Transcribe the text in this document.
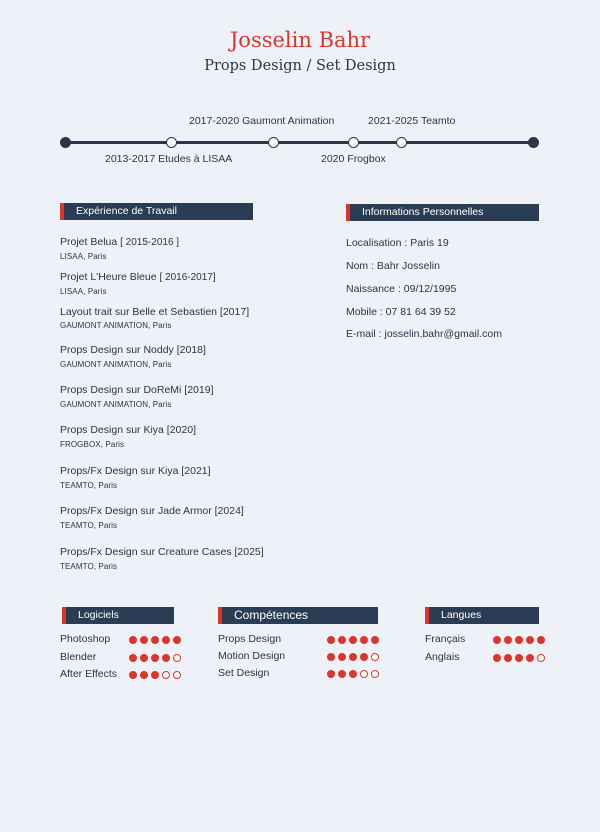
Josselin Bahr
Props Design / Set Design
2013-2017 Etudes à LISAA
2017-2020 Gaumont Animation
2020 Frogbox
2021-2025 Teamto
Expérience de Travail
Projet Belua [ 2015-2016 ]
LISAA, Paris
Projet L'Heure Bleue [ 2016-2017]
LISAA, Paris
Layout trait sur Belle et Sebastien [2017]
GAUMONT ANIMATION, Paris
Props Design sur Noddy [2018]
GAUMONT ANIMATION, Paris
Props Design sur DoReMi [2019]
GAUMONT ANIMATION, Paris
Props Design sur Kiya [2020]
FROGBOX, Paris
Props/Fx Design sur Kiya [2021]
TEAMTO, Paris
Props/Fx Design sur Jade Armor [2024]
TEAMTO, Paris
Props/Fx Design sur Creature Cases [2025]
TEAMTO, Paris
Informations Personnelles
Localisation : Paris 19
Nom : Bahr Josselin
Naissance : 09/12/1995
Mobile : 07 81 64 39 52
E-mail : josselin.bahr@gmail.com
Logiciels
Photoshop
Blender
After Effects
Compétences
Props Design
Motion Design
Set Design
Langues
Français
Anglais
